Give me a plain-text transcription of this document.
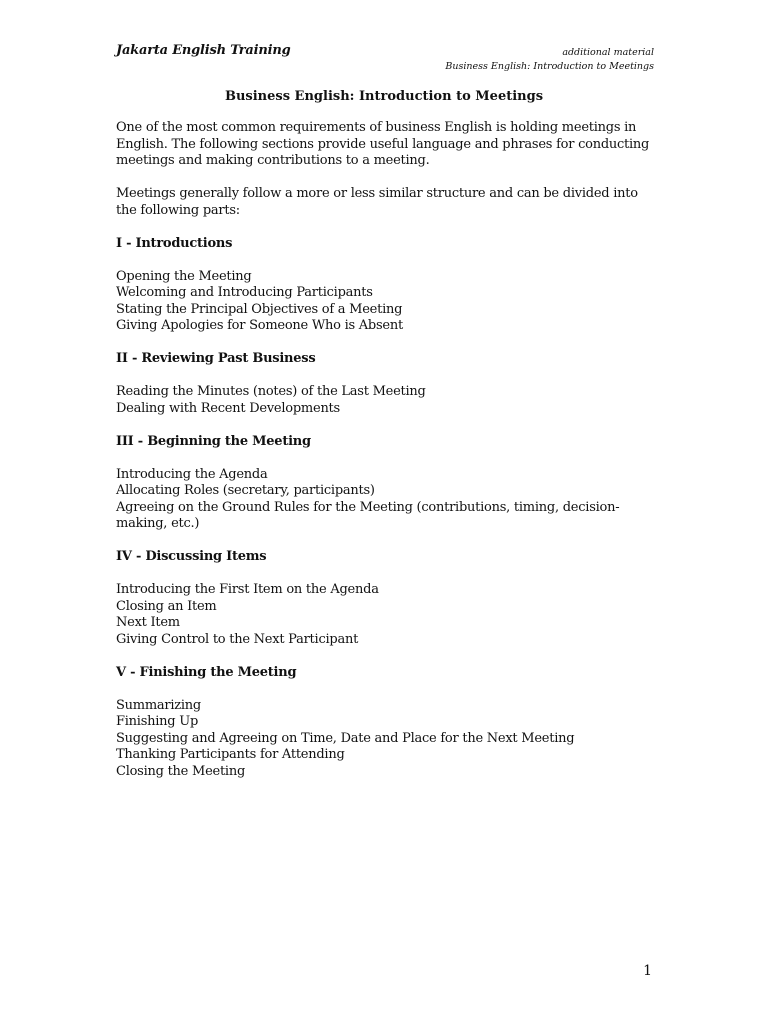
Jakarta English Training	additional material
Business English: Introduction to Meetings
Business English: Introduction to Meetings

One of the most common requirements of business English is holding meetings in English. The following sections provide useful language and phrases for conducting meetings and making contributions to a meeting.

Meetings generally follow a more or less similar structure and can be divided into the following parts:

I - Introductions
Opening the Meeting
Welcoming and Introducing Participants
Stating the Principal Objectives of a Meeting
Giving Apologies for Someone Who is Absent
II - Reviewing Past Business
Reading the Minutes (notes) of the Last Meeting
Dealing with Recent Developments
III - Beginning the Meeting
Introducing the Agenda
Allocating Roles (secretary, participants)
Agreeing on the Ground Rules for the Meeting (contributions, timing, decision-making, etc.)
IV - Discussing Items
Introducing the First Item on the Agenda
Closing an Item
Next Item
Giving Control to the Next Participant
V - Finishing the Meeting
Summarizing
Finishing Up
Suggesting and Agreeing on Time, Date and Place for the Next Meeting
Thanking Participants for Attending
Closing the Meeting
1
